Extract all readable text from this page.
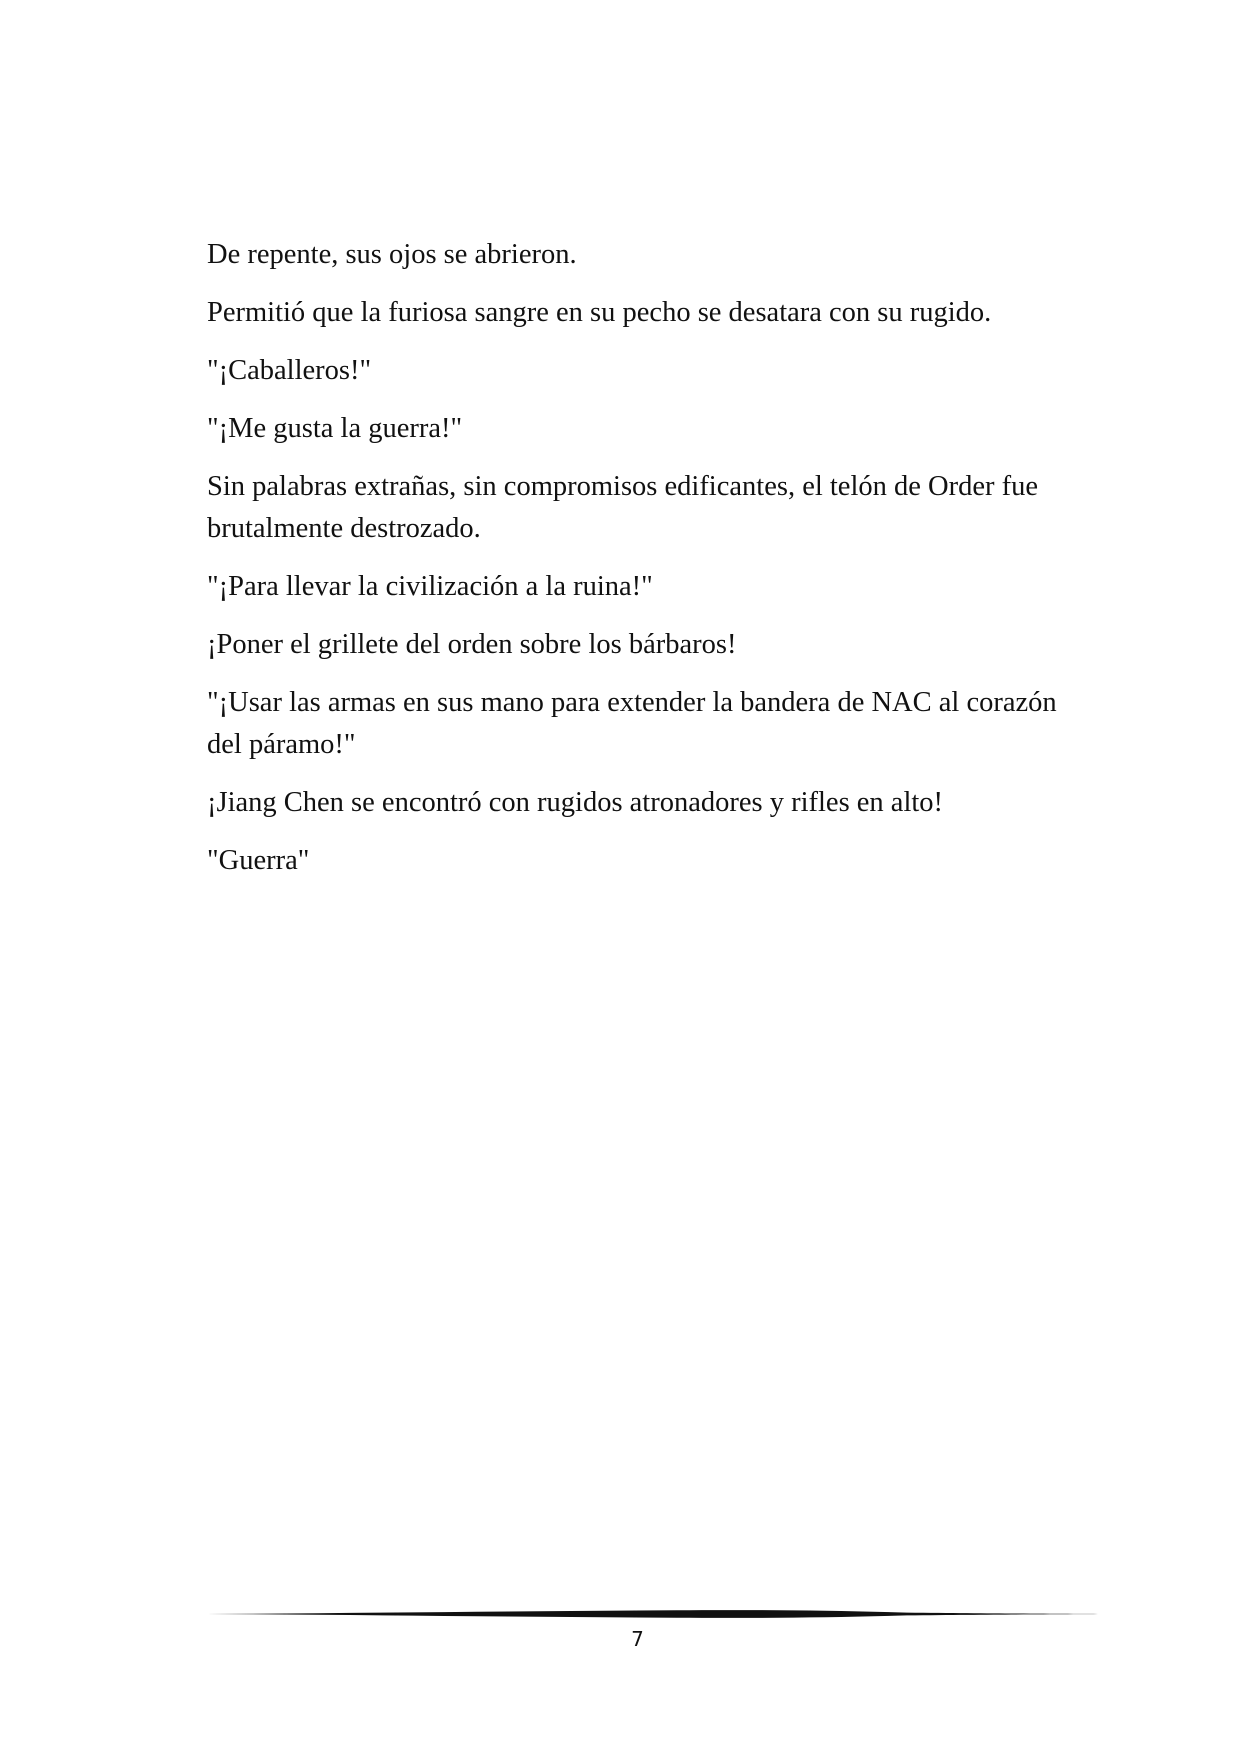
De repente, sus ojos se abrieron.

Permitió que la furiosa sangre en su pecho se desatara con su rugido.

"¡Caballeros!"

"¡Me gusta la guerra!"

Sin palabras extrañas, sin compromisos edificantes, el telón de Order fue brutalmente destrozado.

"¡Para llevar la civilización a la ruina!"

¡Poner el grillete del orden sobre los bárbaros!

"¡Usar las armas en sus mano para extender la bandera de NAC al corazón del páramo!"

¡Jiang Chen se encontró con rugidos atronadores y rifles en alto!

"Guerra"

7
